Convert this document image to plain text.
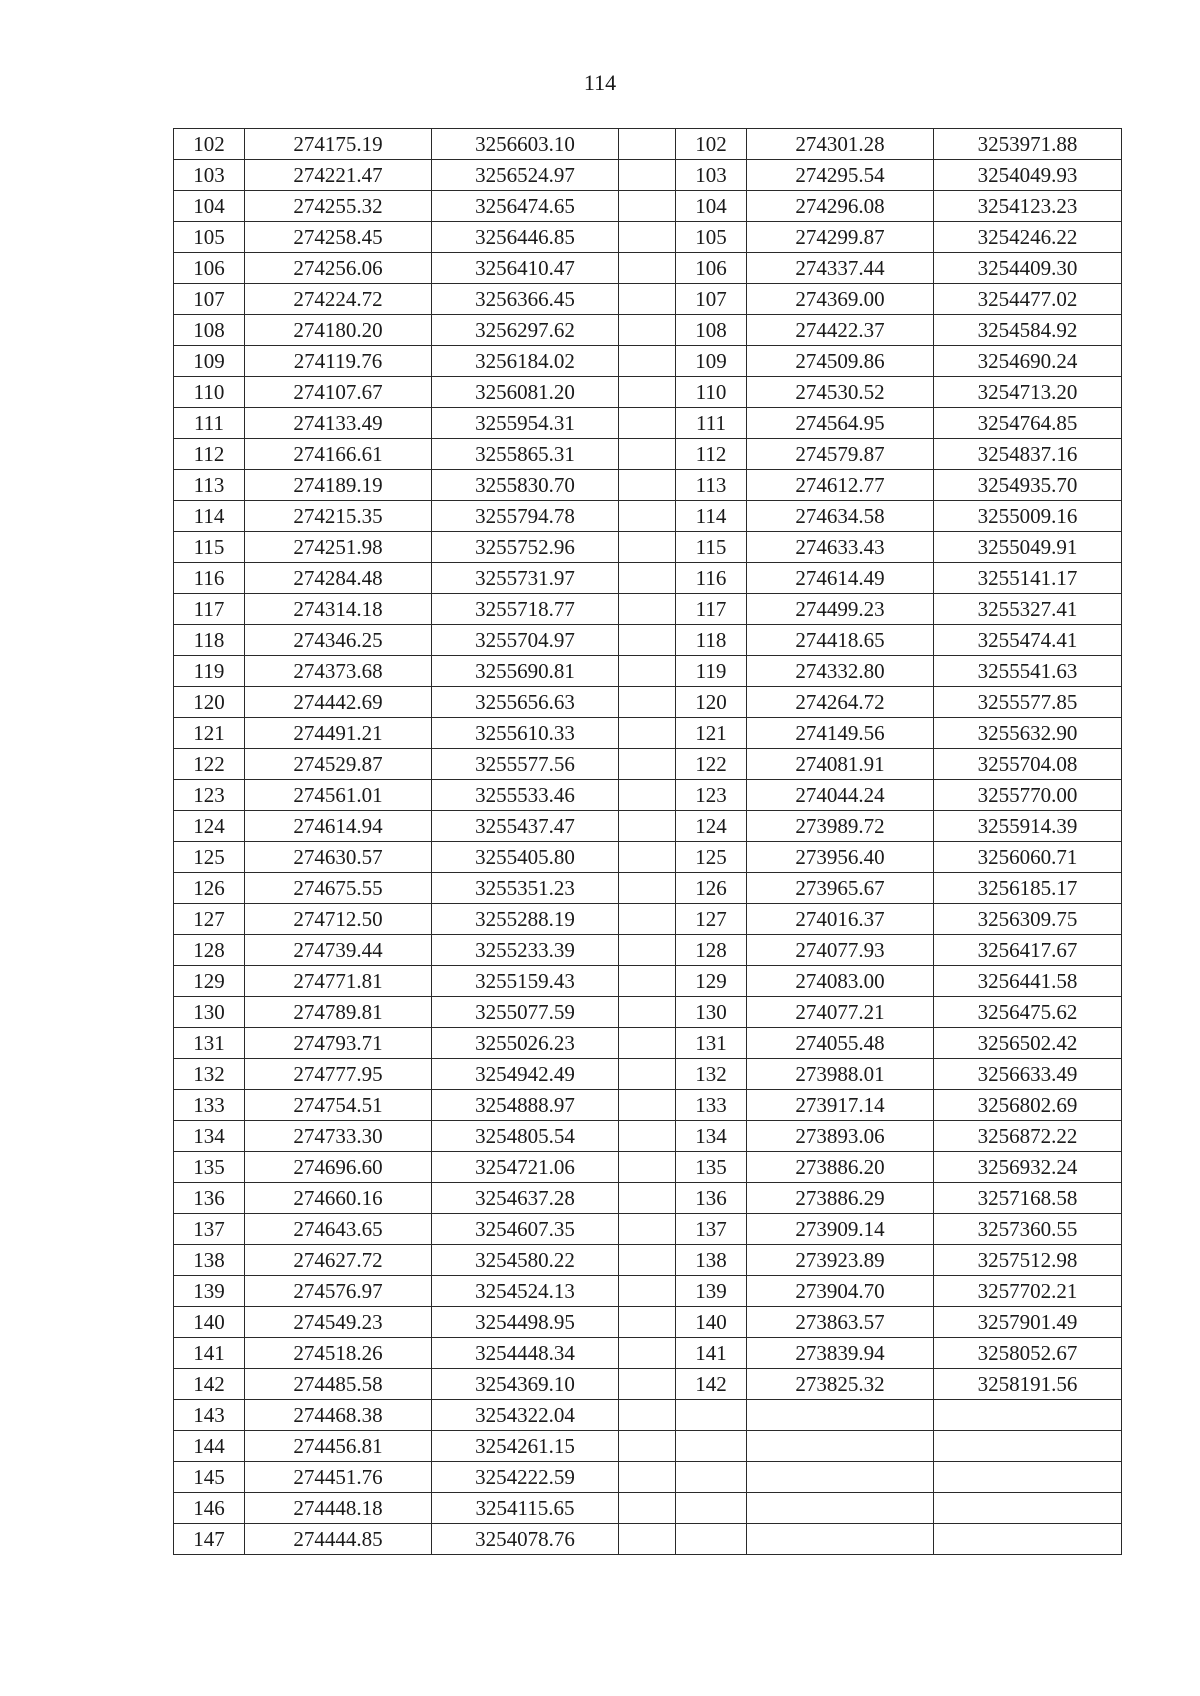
114
102	274175.19	3256603.10		102	274301.28	3253971.88
103	274221.47	3256524.97		103	274295.54	3254049.93
104	274255.32	3256474.65		104	274296.08	3254123.23
105	274258.45	3256446.85		105	274299.87	3254246.22
106	274256.06	3256410.47		106	274337.44	3254409.30
107	274224.72	3256366.45		107	274369.00	3254477.02
108	274180.20	3256297.62		108	274422.37	3254584.92
109	274119.76	3256184.02		109	274509.86	3254690.24
110	274107.67	3256081.20		110	274530.52	3254713.20
111	274133.49	3255954.31		111	274564.95	3254764.85
112	274166.61	3255865.31		112	274579.87	3254837.16
113	274189.19	3255830.70		113	274612.77	3254935.70
114	274215.35	3255794.78		114	274634.58	3255009.16
115	274251.98	3255752.96		115	274633.43	3255049.91
116	274284.48	3255731.97		116	274614.49	3255141.17
117	274314.18	3255718.77		117	274499.23	3255327.41
118	274346.25	3255704.97		118	274418.65	3255474.41
119	274373.68	3255690.81		119	274332.80	3255541.63
120	274442.69	3255656.63		120	274264.72	3255577.85
121	274491.21	3255610.33		121	274149.56	3255632.90
122	274529.87	3255577.56		122	274081.91	3255704.08
123	274561.01	3255533.46		123	274044.24	3255770.00
124	274614.94	3255437.47		124	273989.72	3255914.39
125	274630.57	3255405.80		125	273956.40	3256060.71
126	274675.55	3255351.23		126	273965.67	3256185.17
127	274712.50	3255288.19		127	274016.37	3256309.75
128	274739.44	3255233.39		128	274077.93	3256417.67
129	274771.81	3255159.43		129	274083.00	3256441.58
130	274789.81	3255077.59		130	274077.21	3256475.62
131	274793.71	3255026.23		131	274055.48	3256502.42
132	274777.95	3254942.49		132	273988.01	3256633.49
133	274754.51	3254888.97		133	273917.14	3256802.69
134	274733.30	3254805.54		134	273893.06	3256872.22
135	274696.60	3254721.06		135	273886.20	3256932.24
136	274660.16	3254637.28		136	273886.29	3257168.58
137	274643.65	3254607.35		137	273909.14	3257360.55
138	274627.72	3254580.22		138	273923.89	3257512.98
139	274576.97	3254524.13		139	273904.70	3257702.21
140	274549.23	3254498.95		140	273863.57	3257901.49
141	274518.26	3254448.34		141	273839.94	3258052.67
142	274485.58	3254369.10		142	273825.32	3258191.56
143	274468.38	3254322.04				
144	274456.81	3254261.15				
145	274451.76	3254222.59				
146	274448.18	3254115.65				
147	274444.85	3254078.76				
